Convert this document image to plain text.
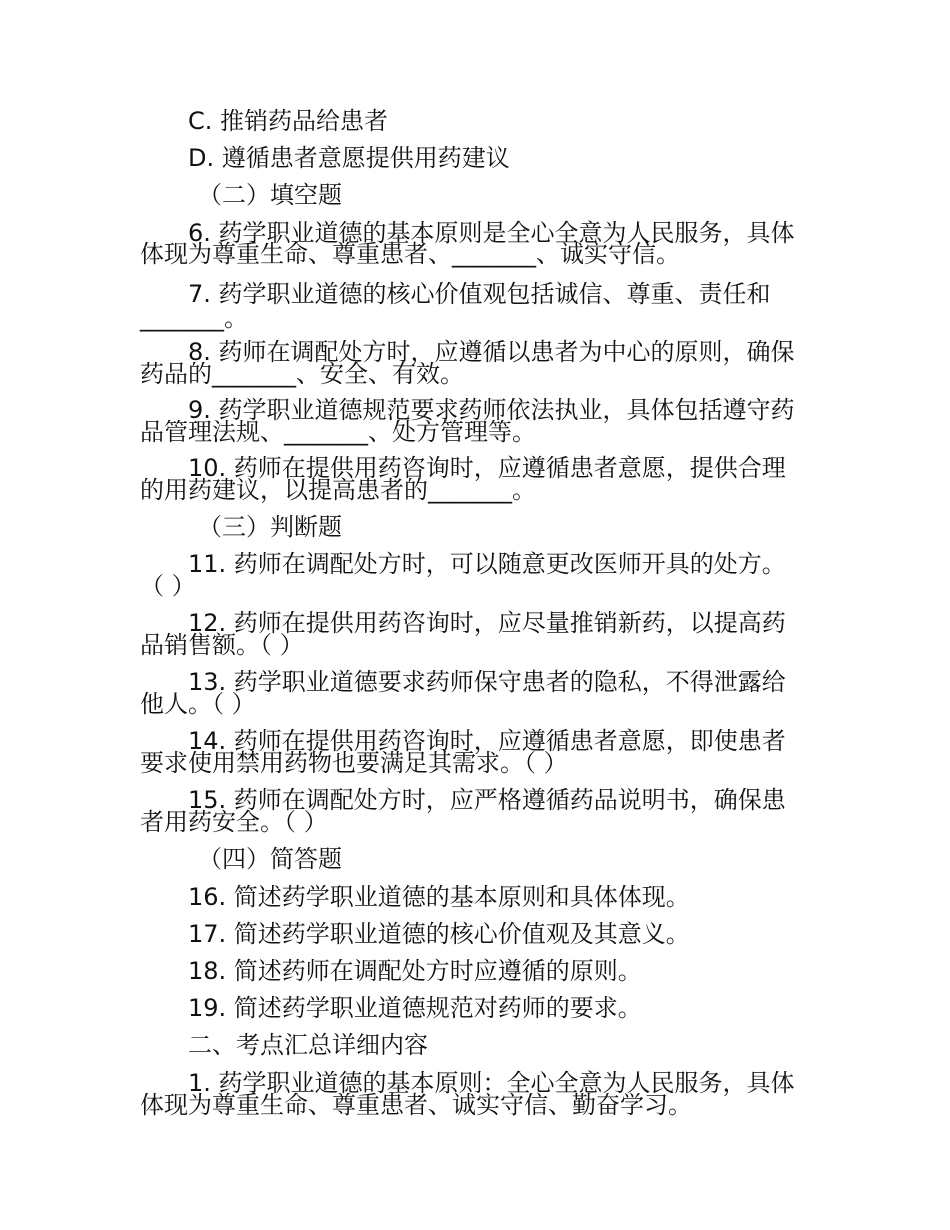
C. 推销药品给患者
D. 遵循患者意愿提供用药建议
（二）填空题
6. 药学职业道德的基本原则是全心全意为人民服务，具体
体现为尊重生命、尊重患者、_______、诚实守信。
7. 药学职业道德的核心价值观包括诚信、尊重、责任和
_______。
8. 药师在调配处方时，应遵循以患者为中心的原则，确保
药品的_______、安全、有效。
9. 药学职业道德规范要求药师依法执业，具体包括遵守药
品管理法规、_______、处方管理等。
10. 药师在提供用药咨询时，应遵循患者意愿，提供合理
的用药建议，以提高患者的_______。
（三）判断题
11. 药师在调配处方时，可以随意更改医师开具的处方。
（ ）
12. 药师在提供用药咨询时，应尽量推销新药，以提高药
品销售额。（ ）
13. 药学职业道德要求药师保守患者的隐私，不得泄露给
他人。（ ）
14. 药师在提供用药咨询时，应遵循患者意愿，即使患者
要求使用禁用药物也要满足其需求。（ ）
15. 药师在调配处方时，应严格遵循药品说明书，确保患
者用药安全。（ ）
（四）简答题
16. 简述药学职业道德的基本原则和具体体现。
17. 简述药学职业道德的核心价值观及其意义。
18. 简述药师在调配处方时应遵循的原则。
19. 简述药学职业道德规范对药师的要求。
二、考点汇总详细内容
1. 药学职业道德的基本原则：全心全意为人民服务，具体
体现为尊重生命、尊重患者、诚实守信、勤奋学习。
